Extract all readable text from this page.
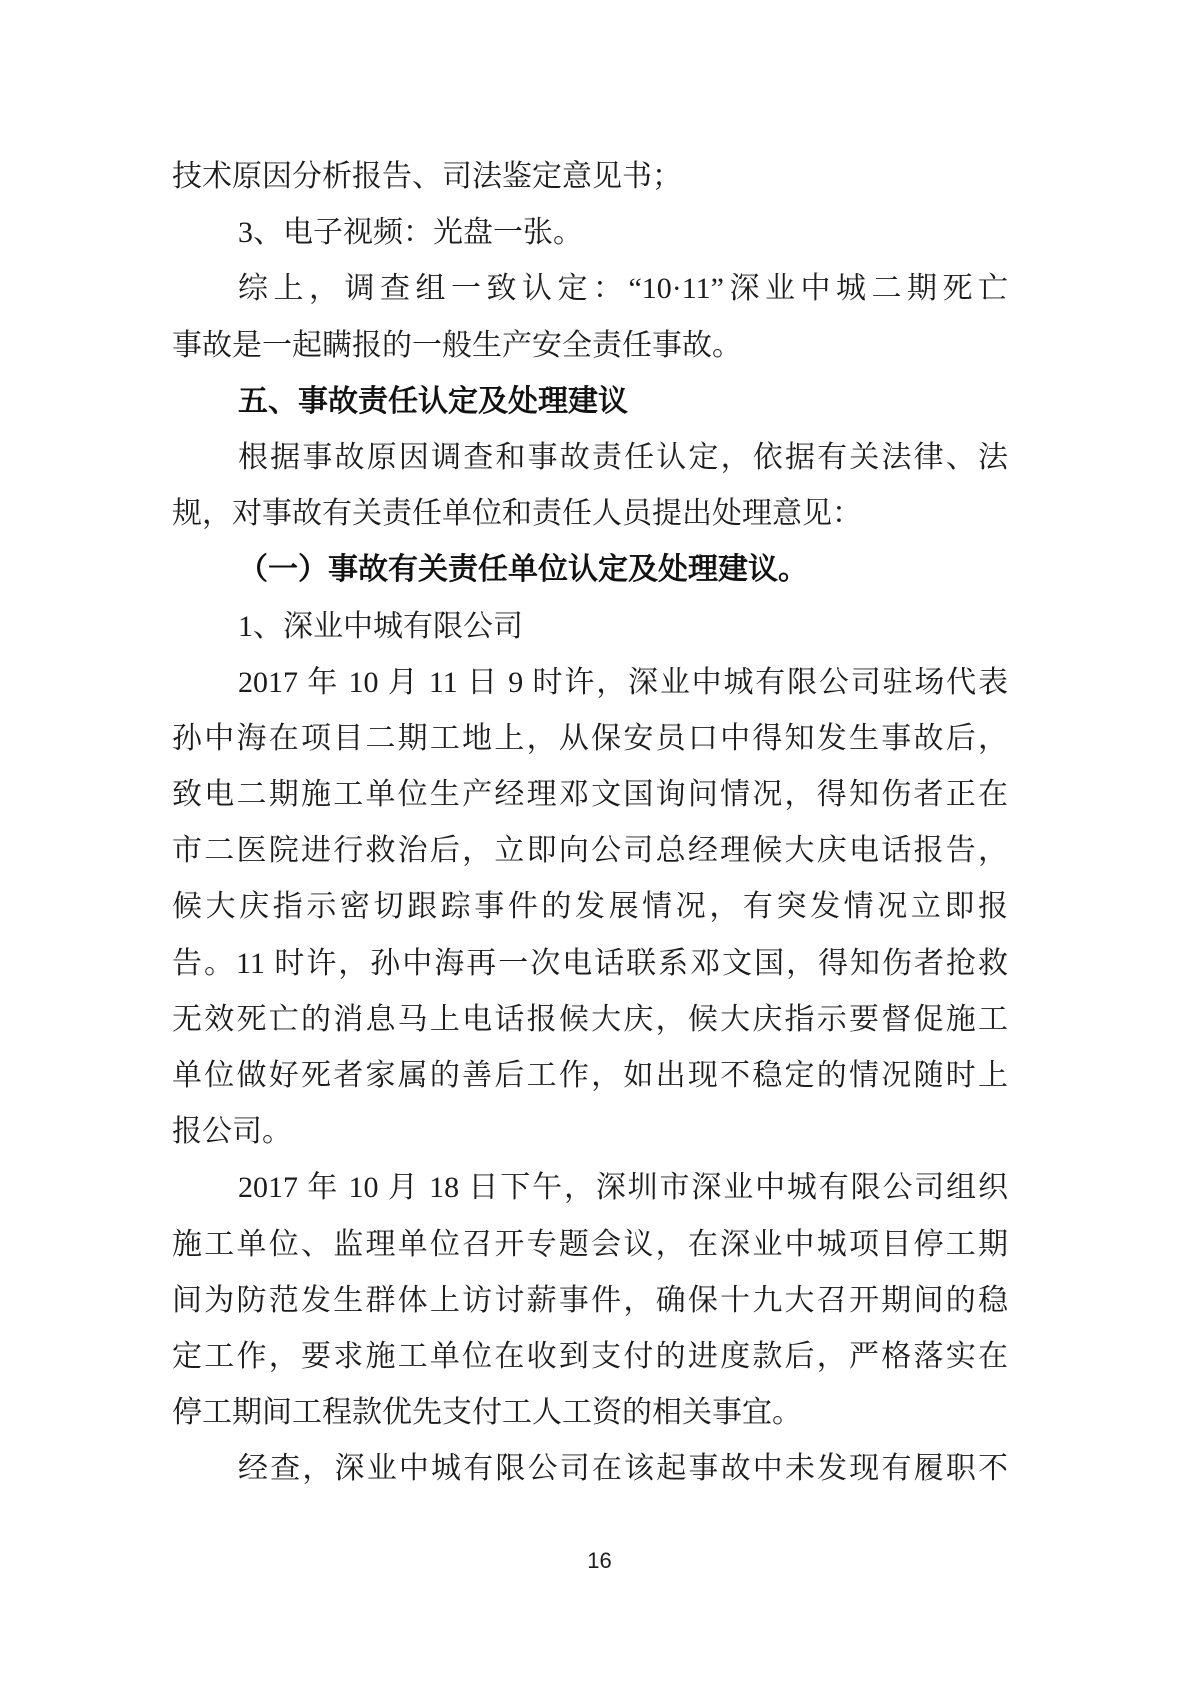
技术原因分析报告、司法鉴定意见书；
3、电子视频：光盘一张。
综上，调查组一致认定：“10·11”深业中城二期死亡
事故是一起瞒报的一般生产安全责任事故。
五、事故责任认定及处理建议
根据事故原因调查和事故责任认定，依据有关法律、法
规，对事故有关责任单位和责任人员提出处理意见：
（一）事故有关责任单位认定及处理建议。
1、深业中城有限公司
2017 年 10 月 11 日 9 时许，深业中城有限公司驻场代表
孙中海在项目二期工地上，从保安员口中得知发生事故后，
致电二期施工单位生产经理邓文国询问情况，得知伤者正在
市二医院进行救治后，立即向公司总经理候大庆电话报告，
候大庆指示密切跟踪事件的发展情况，有突发情况立即报
告。11 时许，孙中海再一次电话联系邓文国，得知伤者抢救
无效死亡的消息马上电话报候大庆，候大庆指示要督促施工
单位做好死者家属的善后工作，如出现不稳定的情况随时上
报公司。
2017 年 10 月 18 日下午，深圳市深业中城有限公司组织
施工单位、监理单位召开专题会议，在深业中城项目停工期
间为防范发生群体上访讨薪事件，确保十九大召开期间的稳
定工作，要求施工单位在收到支付的进度款后，严格落实在
停工期间工程款优先支付工人工资的相关事宜。
经查，深业中城有限公司在该起事故中未发现有履职不
16
